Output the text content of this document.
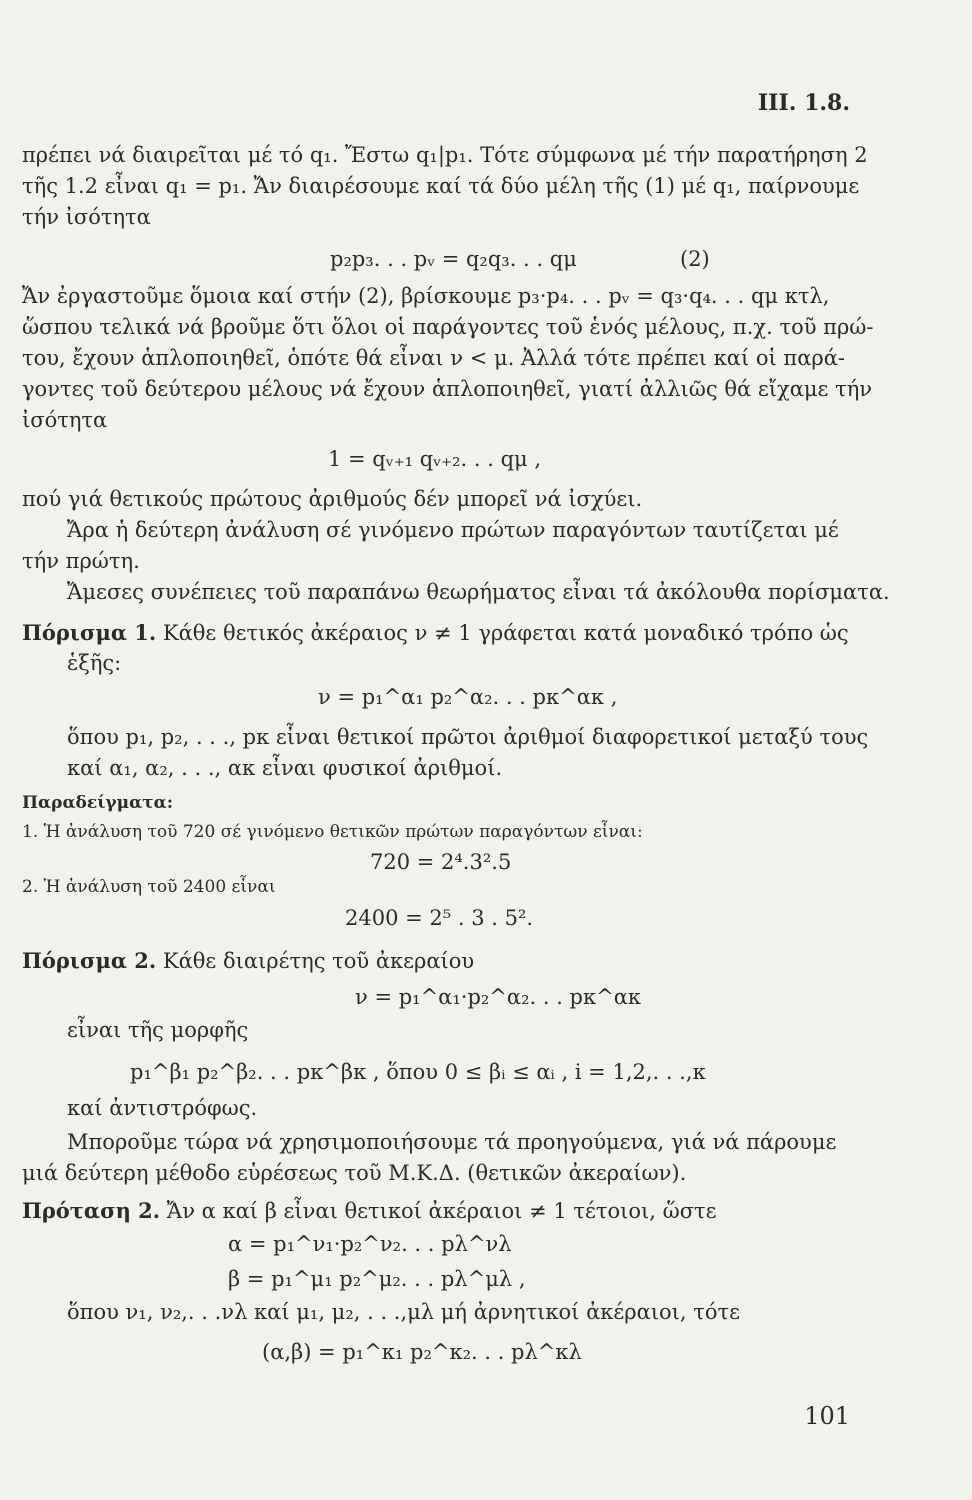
III. 1.8.
πρέπει νά διαιρεῖται μέ τό q₁. Ἔστω q₁|p₁. Τότε σύμφωνα μέ τήν παρατήρηση 2
τῆς 1.2 εἶναι q₁ = p₁. Ἄν διαιρέσουμε καί τά δύο μέλη τῆς (1) μέ q₁, παίρνουμε
τήν ἰσότητα
p₂p₃. . . pᵥ = q₂q₃. . . qμ	(2)
Ἄν ἐργαστοῦμε ὅμοια καί στήν (2), βρίσκουμε p₃·p₄. . . pᵥ = q₃·q₄. . . qμ κτλ,
ὥσπου τελικά νά βροῦμε ὅτι ὅλοι οἱ παράγοντες τοῦ ἑνός μέλους, π.χ. τοῦ πρώ-
του, ἔχουν ἁπλοποιηθεῖ, ὁπότε θά εἶναι ν < μ. Ἀλλά τότε πρέπει καί οἱ παρά-
γοντες τοῦ δεύτερου μέλους νά ἔχουν ἁπλοποιηθεῖ, γιατί ἀλλιῶς θά εἴχαμε τήν
ἰσότητα
1 = qᵥ₊₁ qᵥ₊₂. . . qμ ,
πού γιά θετικούς πρώτους ἀριθμούς δέν μπορεῖ νά ἰσχύει.
Ἄρα ἡ δεύτερη ἀνάλυση σέ γινόμενο πρώτων παραγόντων ταυτίζεται μέ
τήν πρώτη.
Ἄμεσες συνέπειες τοῦ παραπάνω θεωρήματος εἶναι τά ἀκόλουθα πορίσματα.
Πόρισμα 1. Κάθε θετικός ἀκέραιος ν ≠ 1 γράφεται κατά μοναδικό τρόπο ὡς
ἑξῆς:
ν = p₁^α₁ p₂^α₂. . . pκ^ακ ,
ὅπου p₁, p₂, . . ., pκ εἶναι θετικοί πρῶτοι ἀριθμοί διαφορετικοί μεταξύ τους
καί α₁, α₂, . . ., ακ εἶναι φυσικοί ἀριθμοί.
Παραδείγματα:
1. Ἡ ἀνάλυση τοῦ 720 σέ γινόμενο θετικῶν πρώτων παραγόντων εἶναι:
720 = 2⁴.3².5
2. Ἡ ἀνάλυση τοῦ 2400 εἶναι
2400 = 2⁵ . 3 . 5².
Πόρισμα 2. Κάθε διαιρέτης τοῦ ἀκεραίου
ν = p₁^α₁·p₂^α₂. . . pκ^ακ
εἶναι τῆς μορφῆς
p₁^β₁ p₂^β₂. . . pκ^βκ , ὅπου 0 ≤ βᵢ ≤ αᵢ , i = 1,2,. . .,κ
καί ἀντιστρόφως.
Μποροῦμε τώρα νά χρησιμοποιήσουμε τά προηγούμενα, γιά νά πάρουμε
μιά δεύτερη μέθοδο εὑρέσεως τοῦ Μ.Κ.Δ. (θετικῶν ἀκεραίων).
Πρόταση 2. Ἄν α καί β εἶναι θετικοί ἀκέραιοι ≠ 1 τέτοιοι, ὥστε
α = p₁^ν₁·p₂^ν₂. . . pλ^νλ
β = p₁^μ₁ p₂^μ₂. . . pλ^μλ ,
ὅπου ν₁, ν₂,. . .νλ καί μ₁, μ₂, . . .,μλ μή ἀρνητικοί ἀκέραιοι, τότε
(α,β) = p₁^κ₁ p₂^κ₂. . . pλ^κλ
101
